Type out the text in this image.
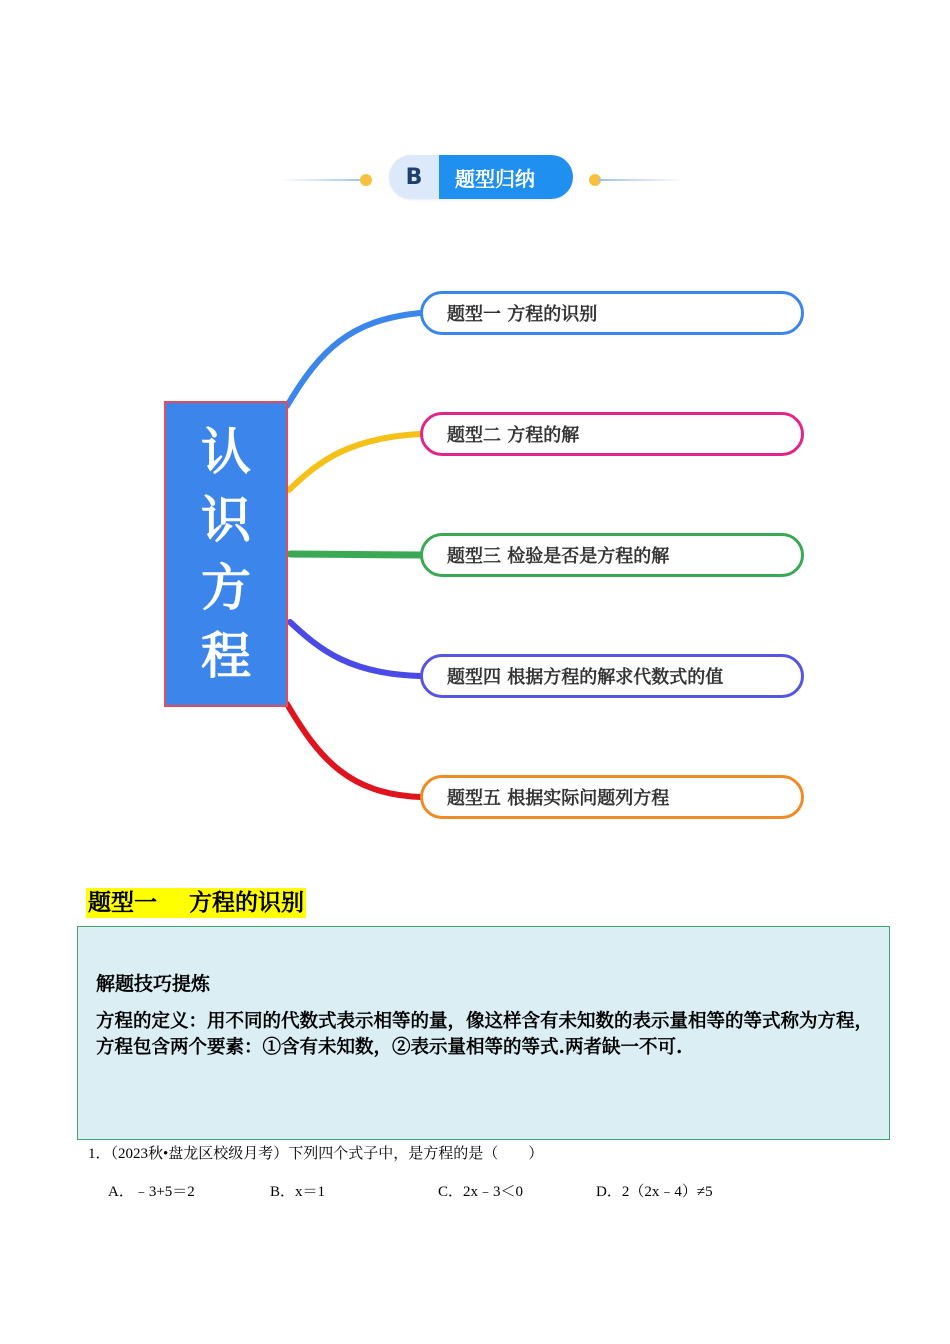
B	题型归纳
认识方程
题型一 方程的识别
题型二 方程的解
题型三 检验是否是方程的解
题型四 根据方程的解求代数式的值
题型五 根据实际问题列方程
题型一    方程的识别
解题技巧提炼
方程的定义：用不同的代数式表示相等的量，像这样含有未知数的表示量相等的等式称为方程，方程包含两个要素：①含有未知数，②表示量相等的等式.两者缺一不可.
1．（2023秋•盘龙区校级月考）下列四个式子中，是方程的是（　　）
A．﹣3+5＝2	B．x＝1	C．2x﹣3＜0	D．2（2x﹣4）≠5
